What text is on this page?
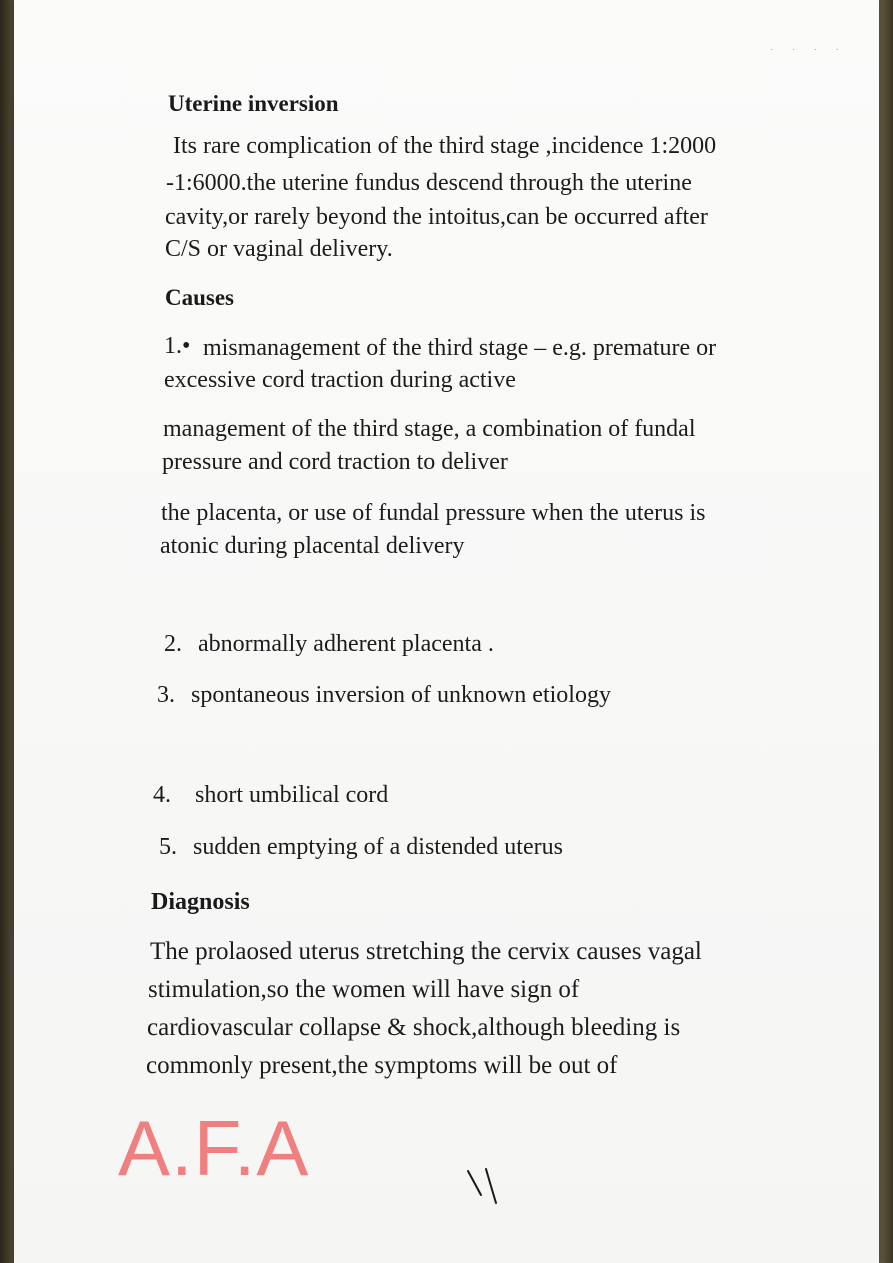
˙ ˙ ˙ ˙
Uterine inversion
Its rare complication of the third stage ,incidence 1:2000
-1:6000.the uterine fundus descend through the uterine
cavity,or rarely beyond the intoitus,can be occurred after
C/S or vaginal delivery.
Causes
1.• mismanagement of the third stage – e.g. premature or
excessive cord traction during active
management of the third stage, a combination of fundal
pressure and cord traction to deliver
the placenta, or use of fundal pressure when the uterus is
atonic during placental delivery
2. abnormally adherent placenta .
3. spontaneous inversion of unknown etiology
4. short umbilical cord
5. sudden emptying of a distended uterus
Diagnosis
The prolaosed uterus stretching the cervix causes vagal
stimulation,so the women will have sign of
cardiovascular collapse & shock,although bleeding is
commonly present,the symptoms will be out of
A.F.A
